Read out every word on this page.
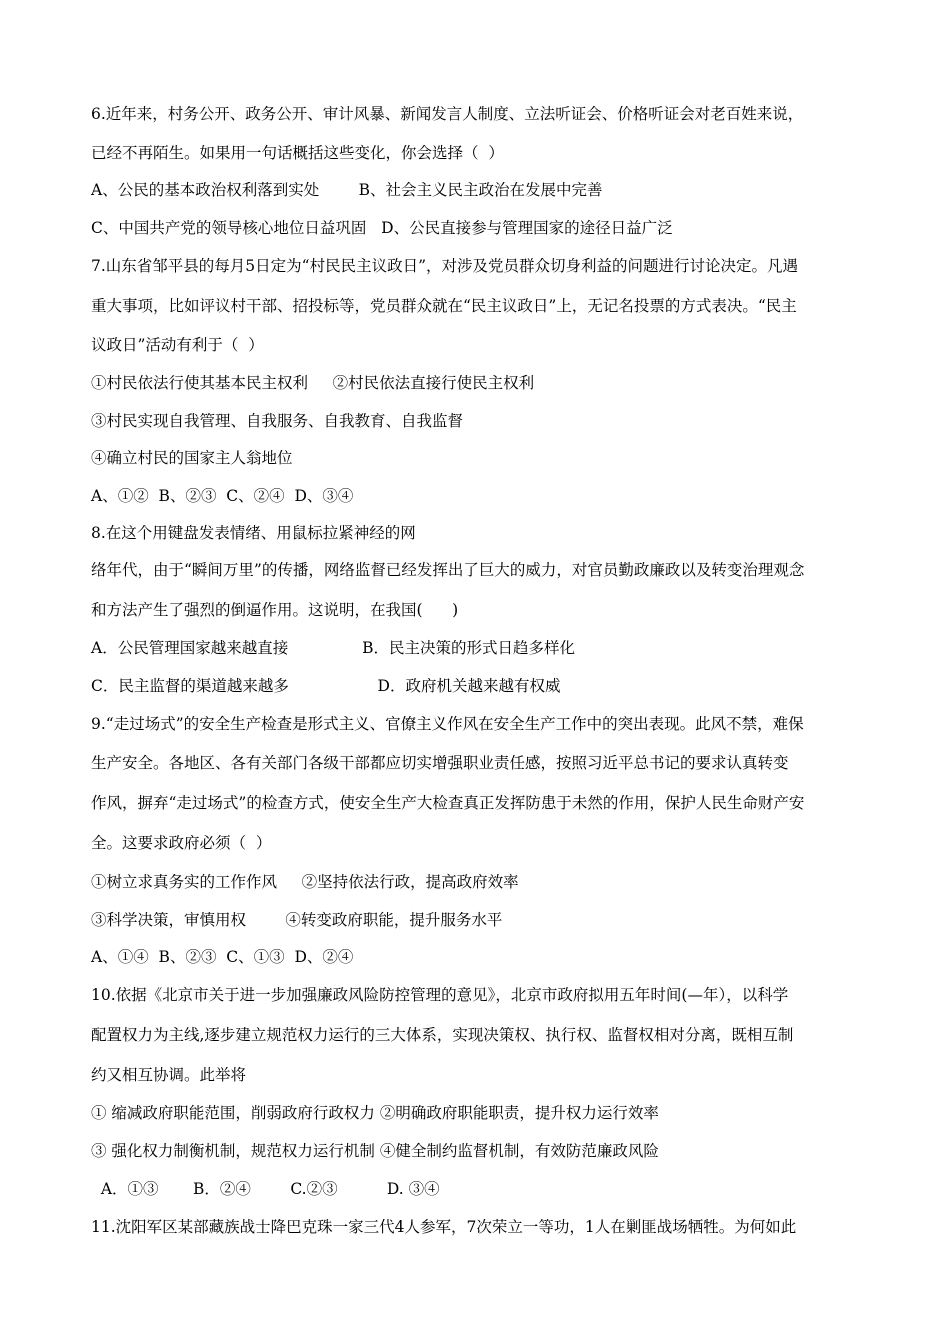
6.近年来，村务公开、政务公开、审计风暴、新闻发言人制度、立法听证会、价格听证会对老百姓来说，
已经不再陌生。如果用一句话概括这些变化，你会选择（  ）
A、公民的基本政治权利落到实处        B、社会主义民主政治在发展中完善
C、中国共产党的领导核心地位日益巩固   D、公民直接参与管理国家的途径日益广泛
7.山东省邹平县的每月5日定为“村民民主议政日”，对涉及党员群众切身利益的问题进行讨论决定。凡遇
重大事项，比如评议村干部、招投标等，党员群众就在“民主议政日”上，无记名投票的方式表决。“民主
议政日”活动有利于（  ）
①村民依法行使其基本民主权利     ②村民依法直接行使民主权利
③村民实现自我管理、自我服务、自我教育、自我监督
④确立村民的国家主人翁地位
A、①②  B、②③  C、②④  D、③④
8.在这个用键盘发表情绪、用鼠标拉紧神经的网
络年代，由于“瞬间万里”的传播，网络监督已经发挥出了巨大的威力，对官员勤政廉政以及转变治理观念
和方法产生了强烈的倒逼作用。这说明，在我国(      )
A．公民管理国家越来越直接               B．民主决策的形式日趋多样化
C．民主监督的渠道越来越多                  D．政府机关越来越有权威
9.“走过场式”的安全生产检查是形式主义、官僚主义作风在安全生产工作中的突出表现。此风不禁，难保
生产安全。各地区、各有关部门各级干部都应切实增强职业责任感，按照习近平总书记的要求认真转变
作风，摒弃“走过场式”的检查方式，使安全生产大检查真正发挥防患于未然的作用，保护人民生命财产安
全。这要求政府必须（  ）
①树立求真务实的工作作风     ②坚持依法行政，提高政府效率
③科学决策，审慎用权        ④转变政府职能，提升服务水平
A、①④  B、②③  C、①③  D、②④
10.依据《北京市关于进一步加强廉政风险防控管理的意见》，北京市政府拟用五年时间(—年），以科学
配置权力为主线,逐步建立规范权力运行的三大体系，实现决策权、执行权、监督权相对分离，既相互制
约又相互协调。此举将
① 缩减政府职能范围，削弱政府行政权力 ②明确政府职能职责，提升权力运行效率
③ 强化权力制衡机制，规范权力运行机制 ④健全制约监督机制，有效防范廉政风险
A．①③       B．②④        C.②③          D. ③④
11.沈阳军区某部藏族战士降巴克珠一家三代4人参军，7次荣立一等功，1人在剿匪战场牺牲。为何如此
